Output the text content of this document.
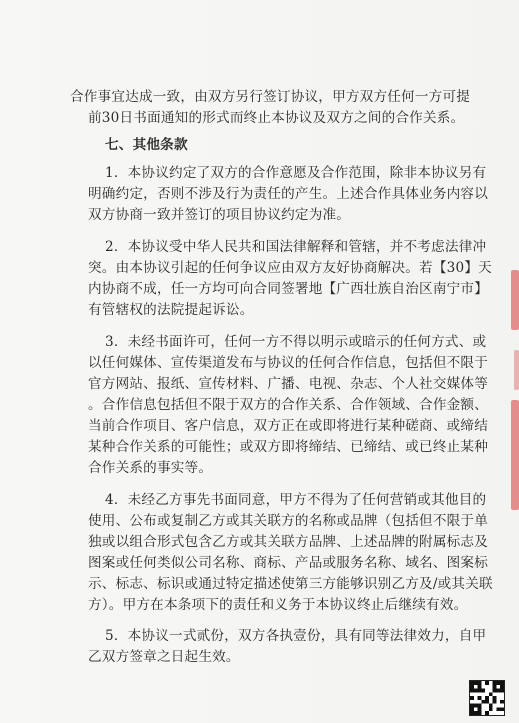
合作事宜达成一致，由双方另行签订协议，甲方双方任何一方可提
前30日书面通知的形式而终止本协议及双方之间的合作关系。
七、其他条款
1．本协议约定了双方的合作意愿及合作范围，除非本协议另有
明确约定，否则不涉及行为责任的产生。上述合作具体业务内容以
双方协商一致并签订的项目协议约定为准。
2．本协议受中华人民共和国法律解释和管辖，并不考虑法律冲
突。由本协议引起的任何争议应由双方友好协商解决。若【30】天
内协商不成，任一方均可向合同签署地【广西壮族自治区南宁市】
有管辖权的法院提起诉讼。
3．未经书面许可，任何一方不得以明示或暗示的任何方式、或
以任何媒体、宣传渠道发布与协议的任何合作信息，包括但不限于
官方网站、报纸、宣传材料、广播、电视、杂志、个人社交媒体等
。合作信息包括但不限于双方的合作关系、合作领域、合作金额、
当前合作项目、客户信息，双方正在或即将进行某种磋商、或缔结
某种合作关系的可能性；或双方即将缔结、已缔结、或已终止某种
合作关系的事实等。
4．未经乙方事先书面同意，甲方不得为了任何营销或其他目的
使用、公布或复制乙方或其关联方的名称或品牌（包括但不限于单
独或以组合形式包含乙方或其关联方品牌、上述品牌的附属标志及
图案或任何类似公司名称、商标、产品或服务名称、域名、图案标
示、标志、标识或通过特定描述使第三方能够识别乙方及/或其关联
方）。甲方在本条项下的责任和义务于本协议终止后继续有效。
5．本协议一式贰份，双方各执壹份，具有同等法律效力，自甲
乙双方签章之日起生效。
